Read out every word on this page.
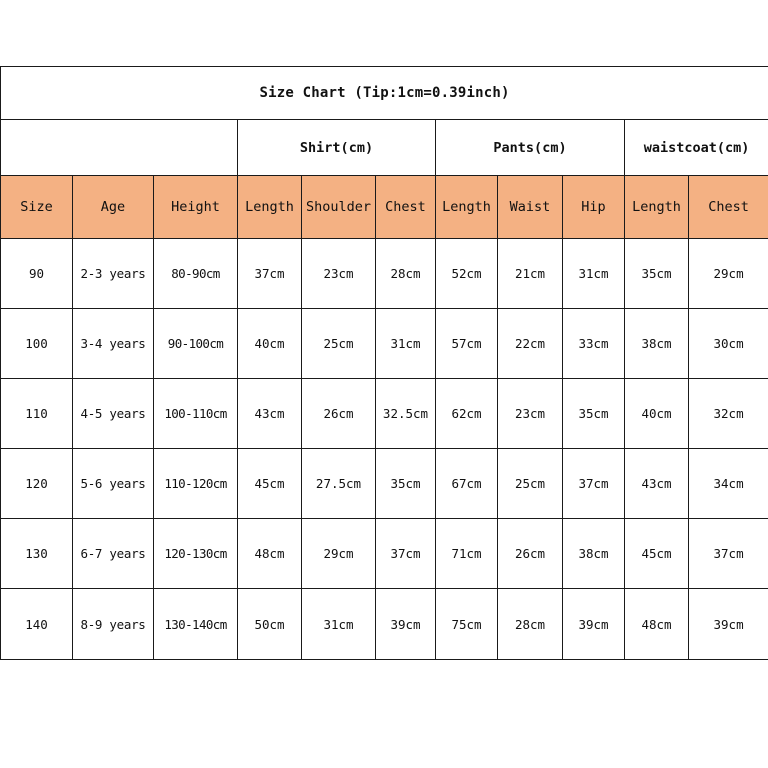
Size Chart (Tip:1cm=0.39inch)										
			Shirt(cm)			Pants(cm)			waistcoat(cm)	
Size	Age	Height	Length	Shoulder	Chest	Length	Waist	Hip	Length	Chest
90	2-3 years	80-90cm	37cm	23cm	28cm	52cm	21cm	31cm	35cm	29cm
100	3-4 years	90-100cm	40cm	25cm	31cm	57cm	22cm	33cm	38cm	30cm
110	4-5 years	100-110cm	43cm	26cm	32.5cm	62cm	23cm	35cm	40cm	32cm
120	5-6 years	110-120cm	45cm	27.5cm	35cm	67cm	25cm	37cm	43cm	34cm
130	6-7 years	120-130cm	48cm	29cm	37cm	71cm	26cm	38cm	45cm	37cm
140	8-9 years	130-140cm	50cm	31cm	39cm	75cm	28cm	39cm	48cm	39cm
